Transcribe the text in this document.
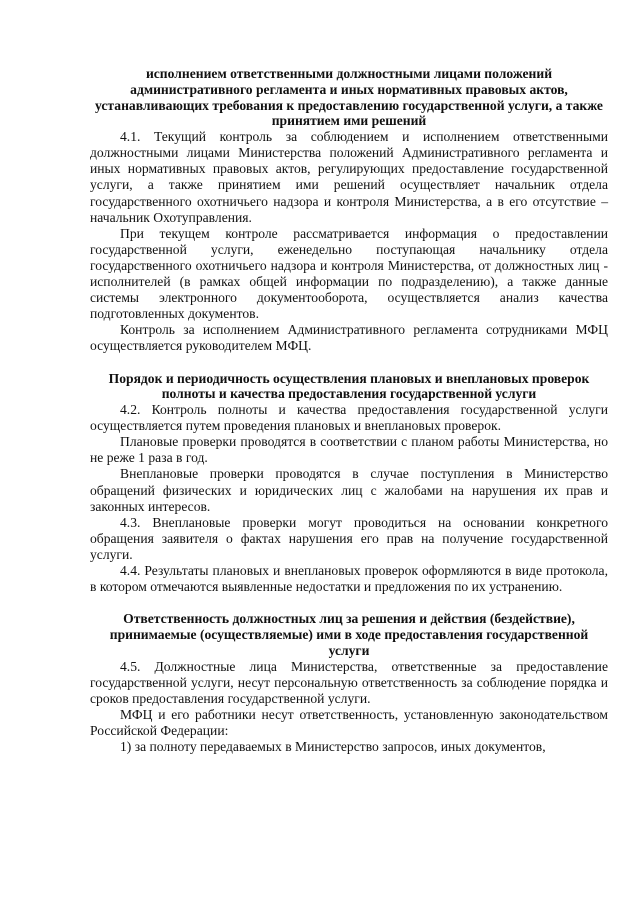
исполнением ответственными должностными лицами положений административного регламента и иных нормативных правовых актов, устанавливающих требования к предоставлению государственной услуги, а также принятием ими решений

4.1. Текущий контроль за соблюдением и исполнением ответственными должностными лицами Министерства положений Административного регламента и иных нормативных правовых актов, регулирующих предоставление государственной услуги, а также принятием ими решений осуществляет начальник отдела государственного охотничьего надзора и контроля Министерства, а в его отсутствие – начальник Охотуправления.

При текущем контроле рассматривается информация о предоставлении государственной услуги, еженедельно поступающая начальнику отдела государственного охотничьего надзора и контроля Министерства, от должностных лиц - исполнителей (в рамках общей информации по подразделению), а также данные системы электронного документооборота, осуществляется анализ качества подготовленных документов.

Контроль за исполнением Административного регламента сотрудниками МФЦ осуществляется руководителем МФЦ.

Порядок и периодичность осуществления плановых и внеплановых проверок полноты и качества предоставления государственной услуги

4.2. Контроль полноты и качества предоставления государственной услуги осуществляется путем проведения плановых и внеплановых проверок.

Плановые проверки проводятся в соответствии с планом работы Министерства, но не реже 1 раза в год.

Внеплановые проверки проводятся в случае поступления в Министерство обращений физических и юридических лиц с жалобами на нарушения их прав и законных интересов.

4.3. Внеплановые проверки могут проводиться на основании конкретного обращения заявителя о фактах нарушения его прав на получение государственной услуги.

4.4. Результаты плановых и внеплановых проверок оформляются в виде протокола, в котором отмечаются выявленные недостатки и предложения по их устранению.

Ответственность должностных лиц за решения и действия (бездействие), принимаемые (осуществляемые) ими в ходе предоставления государственной услуги

4.5. Должностные лица Министерства, ответственные за предоставление государственной услуги, несут персональную ответственность за соблюдение порядка и сроков предоставления государственной услуги.

МФЦ и его работники несут ответственность, установленную законодательством Российской Федерации:

1) за полноту передаваемых в Министерство запросов, иных документов,
